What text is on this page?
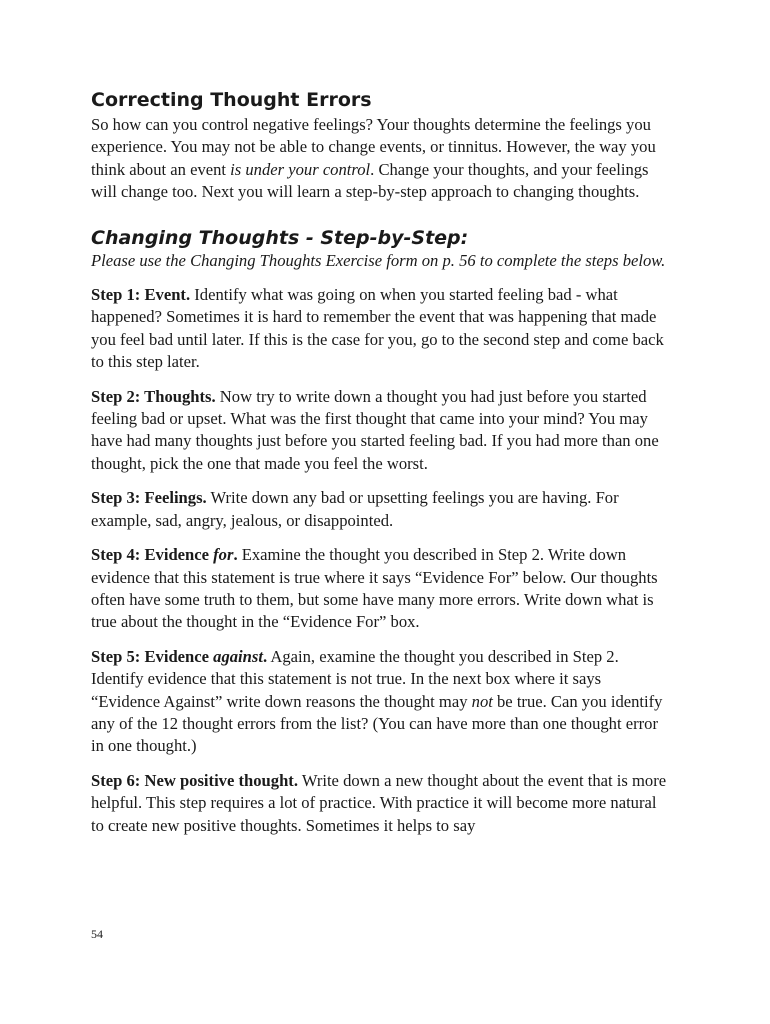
Correcting Thought Errors

So how can you control negative feelings? Your thoughts determine the feelings you experience. You may not be able to change events, or tinnitus. However, the way you think about an event is under your control. Change your thoughts, and your feelings will change too. Next you will learn a step-by-step approach to changing thoughts.

Changing Thoughts - Step-by-Step:

Please use the Changing Thoughts Exercise form on p. 56 to complete the steps below.

Step 1: Event. Identify what was going on when you started feeling bad - what happened? Sometimes it is hard to remember the event that was happening that made you feel bad until later. If this is the case for you, go to the second step and come back to this step later.

Step 2: Thoughts. Now try to write down a thought you had just before you started feeling bad or upset. What was the first thought that came into your mind? You may have had many thoughts just before you started feeling bad. If you had more than one thought, pick the one that made you feel the worst.

Step 3: Feelings. Write down any bad or upsetting feelings you are having. For example, sad, angry, jealous, or disappointed.

Step 4: Evidence for. Examine the thought you described in Step 2. Write down evidence that this statement is true where it says “Evidence For” below. Our thoughts often have some truth to them, but some have many more errors. Write down what is true about the thought in the “Evidence For” box.

Step 5: Evidence against. Again, examine the thought you described in Step 2. Identify evidence that this statement is not true. In the next box where it says “Evidence Against” write down reasons the thought may not be true. Can you identify any of the 12 thought errors from the list? (You can have more than one thought error in one thought.)

Step 6: New positive thought. Write down a new thought about the event that is more helpful. This step requires a lot of practice. With practice it will become more natural to create new positive thoughts. Sometimes it helps to say

54
